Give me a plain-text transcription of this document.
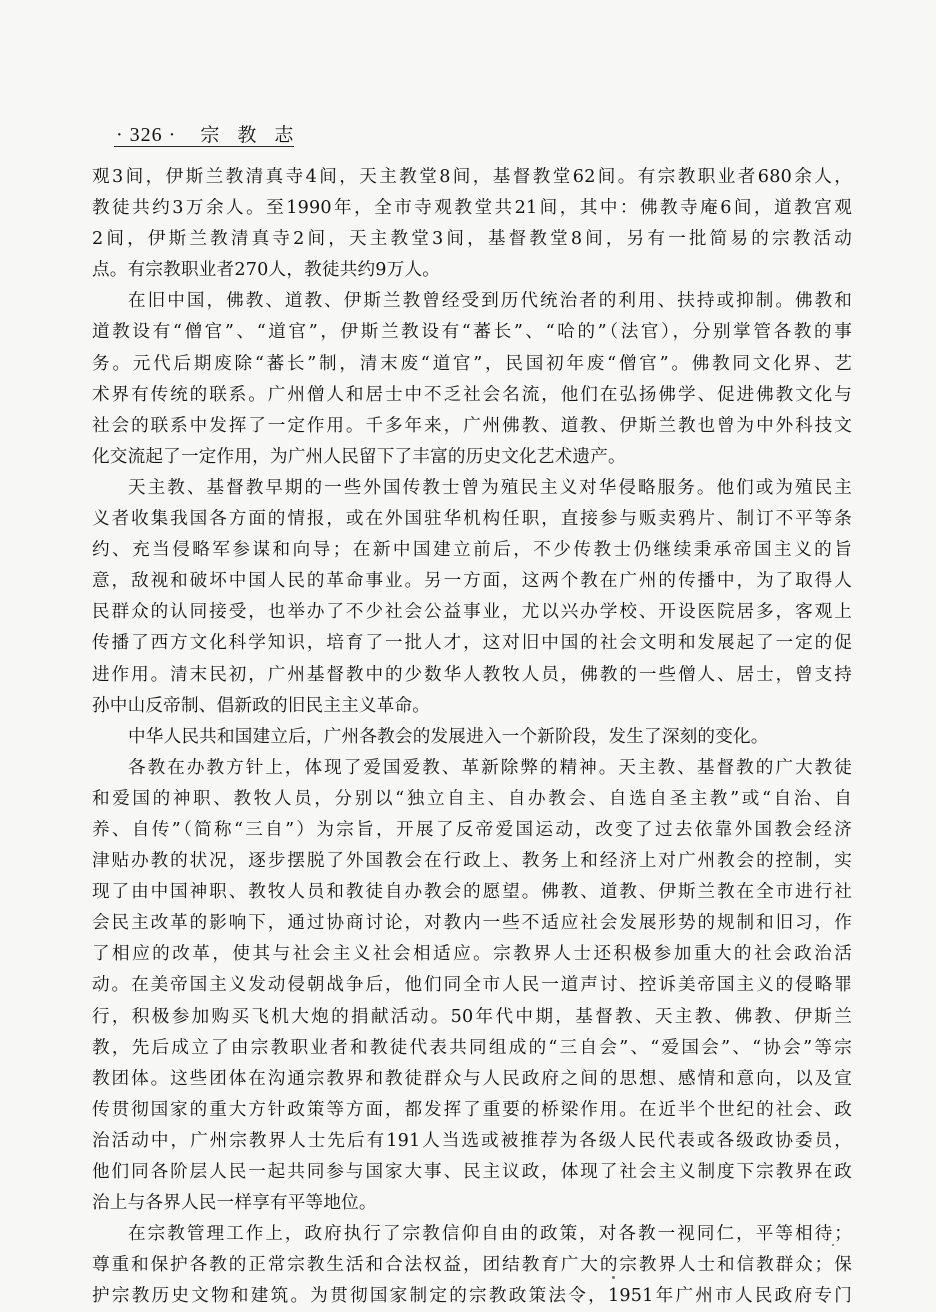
· 326 · 宗 教 志
观3间，伊斯兰教清真寺4间，天主教堂8间，基督教堂62间。有宗教职业者680余人，
教徒共约3万余人。至1990年，全市寺观教堂共21间，其中：佛教寺庵6间，道教宫观
2间，伊斯兰教清真寺2间，天主教堂3间，基督教堂8间，另有一批简易的宗教活动
点。有宗教职业者270人，教徒共约9万人。
在旧中国，佛教、道教、伊斯兰教曾经受到历代统治者的利用、扶持或抑制。佛教和
道教设有“僧官”、“道官”，伊斯兰教设有“蕃长”、“哈的”（法官），分别掌管各教的事
务。元代后期废除“蕃长”制，清末废“道官”，民国初年废“僧官”。佛教同文化界、艺
术界有传统的联系。广州僧人和居士中不乏社会名流，他们在弘扬佛学、促进佛教文化与
社会的联系中发挥了一定作用。千多年来，广州佛教、道教、伊斯兰教也曾为中外科技文
化交流起了一定作用，为广州人民留下了丰富的历史文化艺术遗产。
天主教、基督教早期的一些外国传教士曾为殖民主义对华侵略服务。他们或为殖民主
义者收集我国各方面的情报，或在外国驻华机构任职，直接参与贩卖鸦片、制订不平等条
约、充当侵略军参谋和向导；在新中国建立前后，不少传教士仍继续秉承帝国主义的旨
意，敌视和破坏中国人民的革命事业。另一方面，这两个教在广州的传播中，为了取得人
民群众的认同接受，也举办了不少社会公益事业，尤以兴办学校、开设医院居多，客观上
传播了西方文化科学知识，培育了一批人才，这对旧中国的社会文明和发展起了一定的促
进作用。清末民初，广州基督教中的少数华人教牧人员，佛教的一些僧人、居士，曾支持
孙中山反帝制、倡新政的旧民主主义革命。
中华人民共和国建立后，广州各教会的发展进入一个新阶段，发生了深刻的变化。
各教在办教方针上，体现了爱国爱教、革新除弊的精神。天主教、基督教的广大教徒
和爱国的神职、教牧人员，分别以“独立自主、自办教会、自选自圣主教”或“自治、自
养、自传”（简称“三自”）为宗旨，开展了反帝爱国运动，改变了过去依靠外国教会经济
津贴办教的状况，逐步摆脱了外国教会在行政上、教务上和经济上对广州教会的控制，实
现了由中国神职、教牧人员和教徒自办教会的愿望。佛教、道教、伊斯兰教在全市进行社
会民主改革的影响下，通过协商讨论，对教内一些不适应社会发展形势的规制和旧习，作
了相应的改革，使其与社会主义社会相适应。宗教界人士还积极参加重大的社会政治活
动。在美帝国主义发动侵朝战争后，他们同全市人民一道声讨、控诉美帝国主义的侵略罪
行，积极参加购买飞机大炮的捐献活动。50年代中期，基督教、天主教、佛教、伊斯兰
教，先后成立了由宗教职业者和教徒代表共同组成的“三自会”、“爱国会”、“协会”等宗
教团体。这些团体在沟通宗教界和教徒群众与人民政府之间的思想、感情和意向，以及宣
传贯彻国家的重大方针政策等方面，都发挥了重要的桥梁作用。在近半个世纪的社会、政
治活动中，广州宗教界人士先后有191人当选或被推荐为各级人民代表或各级政协委员，
他们同各阶层人民一起共同参与国家大事、民主议政，体现了社会主义制度下宗教界在政
治上与各界人民一样享有平等地位。
在宗教管理工作上，政府执行了宗教信仰自由的政策，对各教一视同仁，平等相待；
尊重和保护各教的正常宗教生活和合法权益，团结教育广大的宗教界人士和信教群众；保
护宗教历史文物和建筑。为贯彻国家制定的宗教政策法令，1951年广州市人民政府专门
